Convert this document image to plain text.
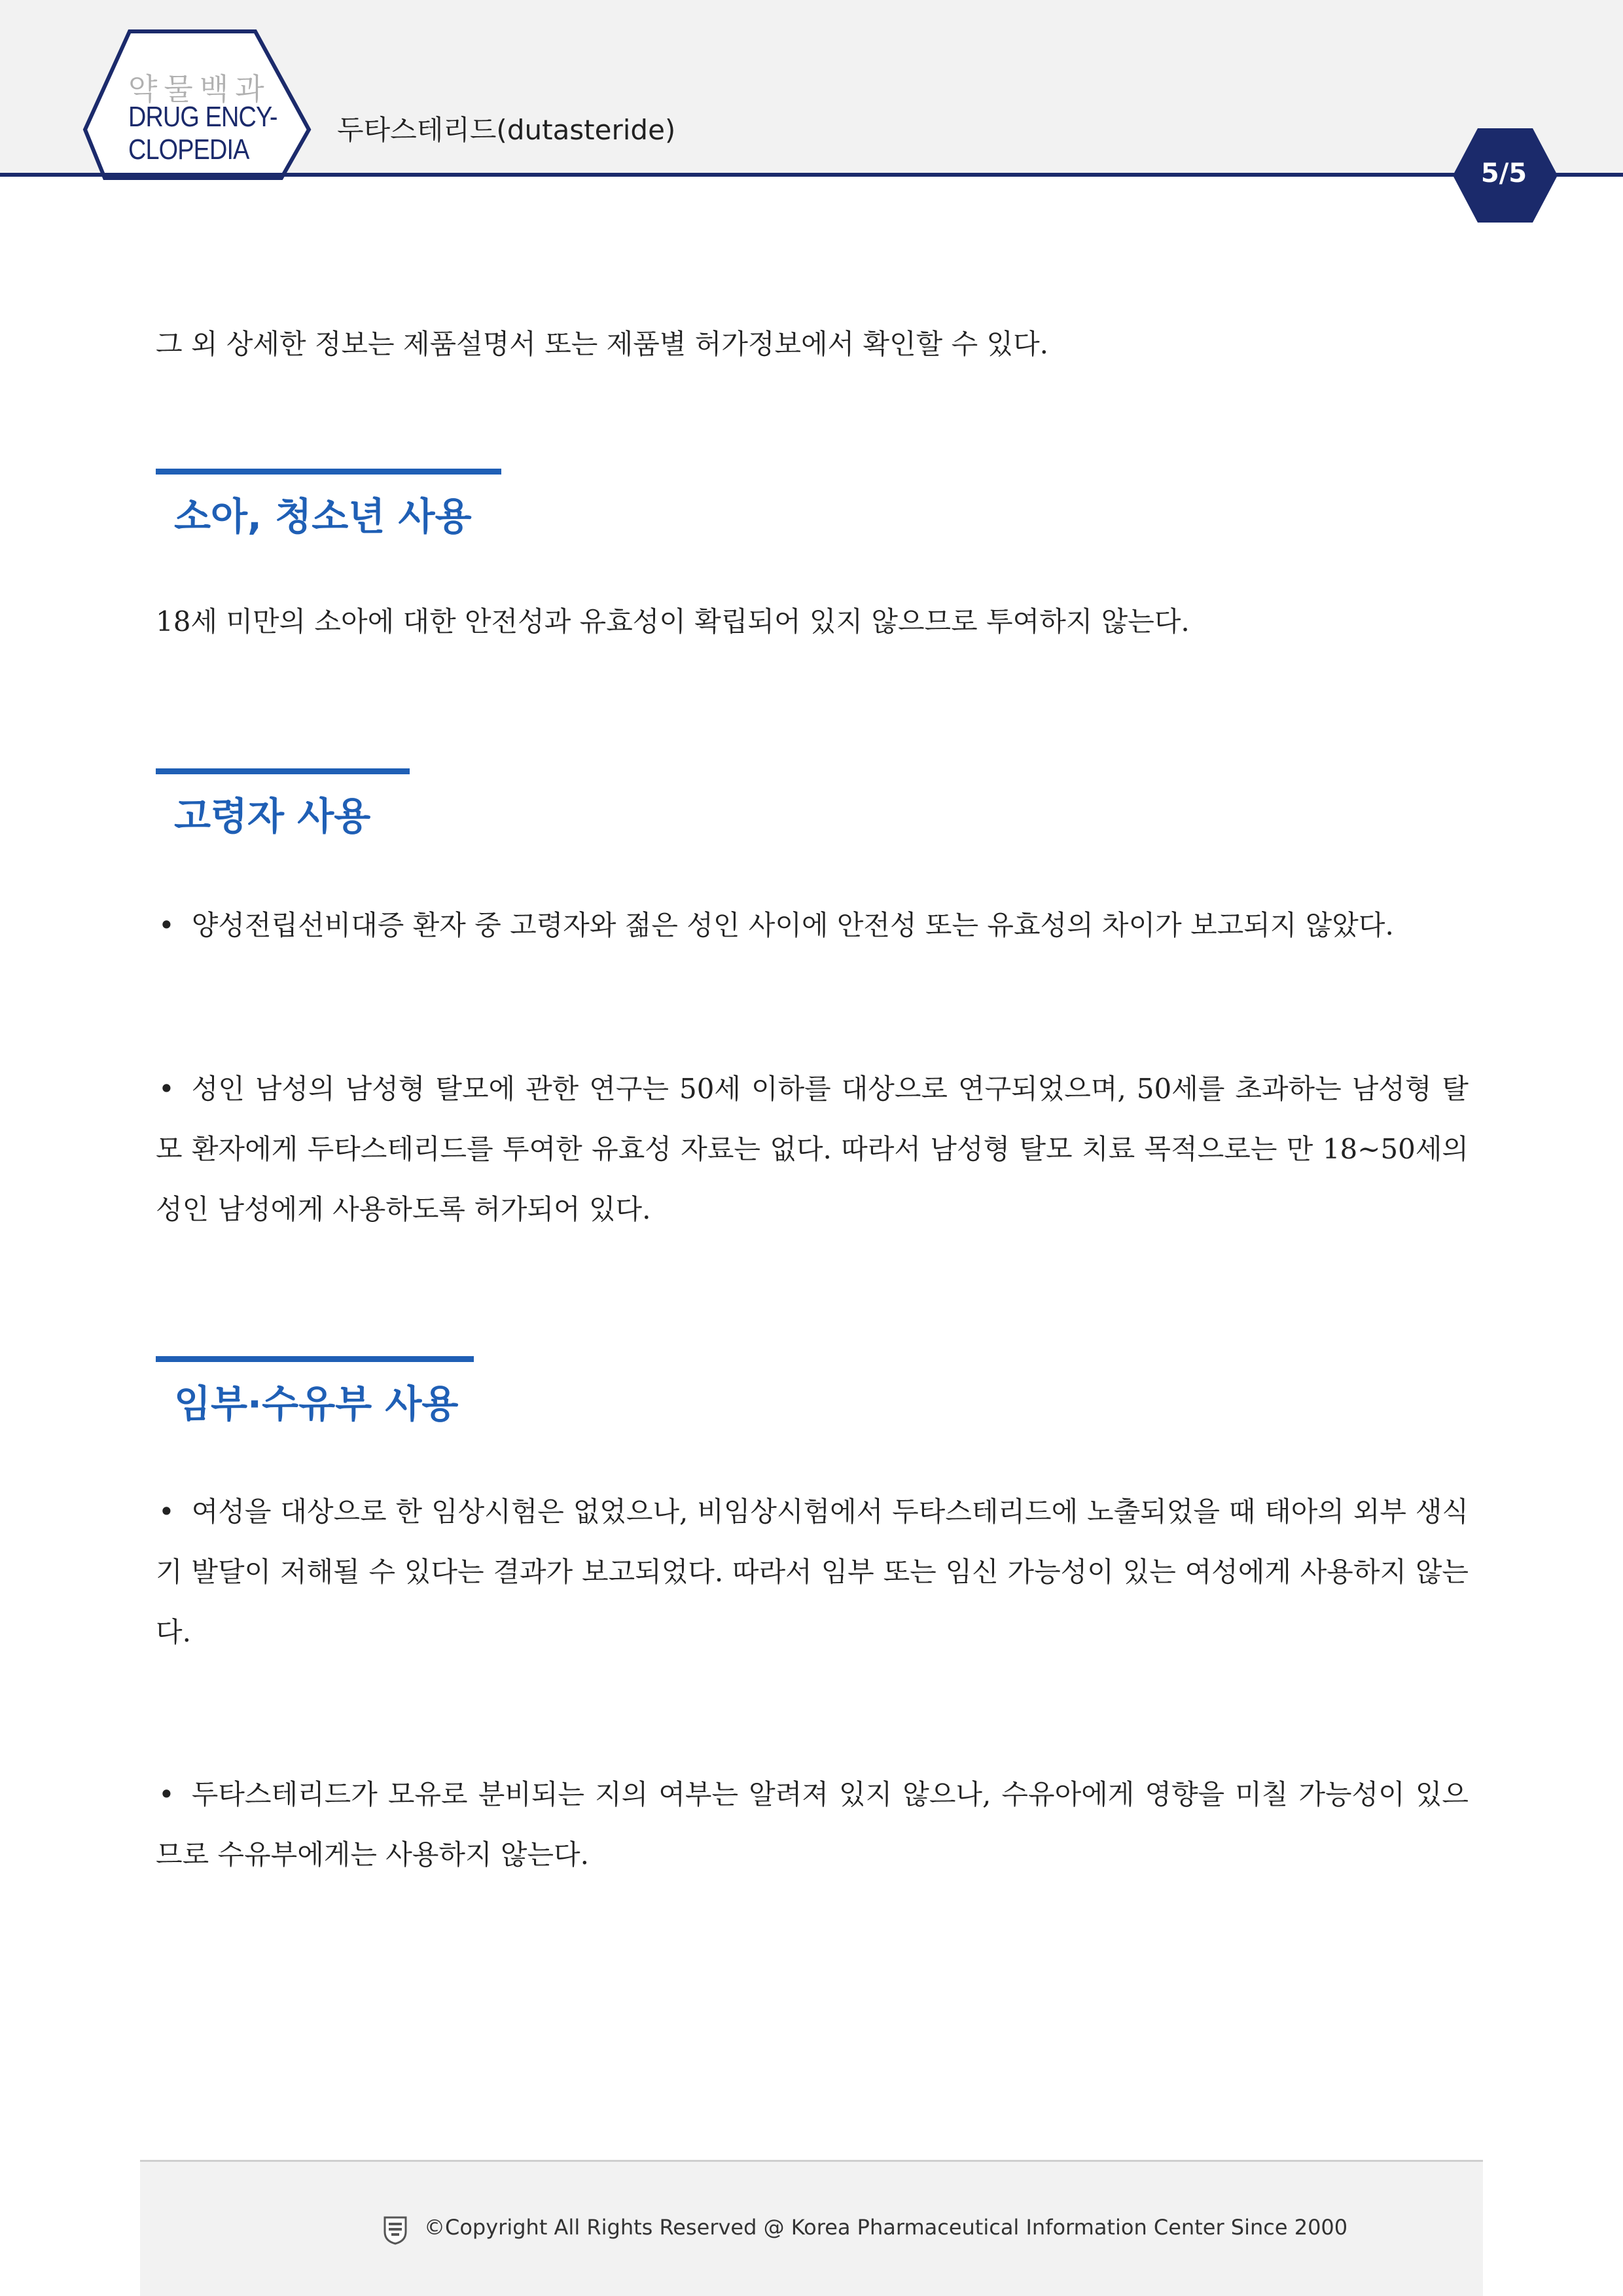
약물백과
DRUG ENCY-
CLOPEDIA
두타스테리드(dutasteride)
5/5

그 외 상세한 정보는 제품설명서 또는 제품별 허가정보에서 확인할 수 있다.

소아, 청소년 사용

18세 미만의 소아에 대한 안전성과 유효성이 확립되어 있지 않으므로 투여하지 않는다.

고령자 사용

• 양성전립선비대증 환자 중 고령자와 젊은 성인 사이에 안전성 또는 유효성의 차이가 보고되지 않았다.

• 성인 남성의 남성형 탈모에 관한 연구는 50세 이하를 대상으로 연구되었으며, 50세를 초과하는 남성형 탈모 환자에게 두타스테리드를 투여한 유효성 자료는 없다. 따라서 남성형 탈모 치료 목적으로는 만 18~50세의 성인 남성에게 사용하도록 허가되어 있다.

임부·수유부 사용

• 여성을 대상으로 한 임상시험은 없었으나, 비임상시험에서 두타스테리드에 노출되었을 때 태아의 외부 생식기 발달이 저해될 수 있다는 결과가 보고되었다. 따라서 임부 또는 임신 가능성이 있는 여성에게 사용하지 않는다.

• 두타스테리드가 모유로 분비되는 지의 여부는 알려져 있지 않으나, 수유아에게 영향을 미칠 가능성이 있으므로 수유부에게는 사용하지 않는다.

©Copyright All Rights Reserved @ Korea Pharmaceutical Information Center Since 2000
